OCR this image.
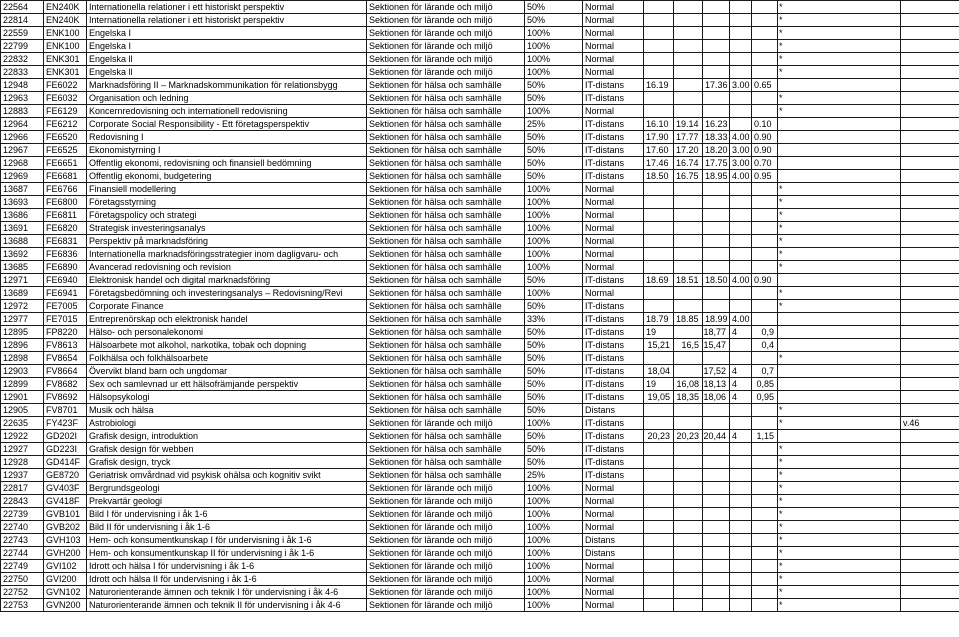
22564	EN240K	Internationella relationer i ett historiskt perspektiv	Sektionen för lärande och miljö	50%	Normal						*	
22814	EN240K	Internationella relationer i ett historiskt perspektiv	Sektionen för lärande och miljö	50%	Normal						*	
22559	ENK100	Engelska I	Sektionen för lärande och miljö	100%	Normal						*	
22799	ENK100	Engelska I	Sektionen för lärande och miljö	100%	Normal						*	
22832	ENK301	Engelska ll	Sektionen för lärande och miljö	100%	Normal						*	
22833	ENK301	Engelska ll	Sektionen för lärande och miljö	100%	Normal						*	
12948	FE6022	Marknadsföring II – Marknadskommunikation för relationsbygg	Sektionen för hälsa och samhälle	50%	IT-distans	16.19		17.36	3.00	0.65		
12963	FE6032	Organisation och ledning	Sektionen för hälsa och samhälle	50%	IT-distans						*	
12883	FE6129	Koncernredovisning och internationell redovisning	Sektionen för hälsa och samhälle	100%	Normal						*	
12964	FE6212	Corporate Social Responsibility - Ett företagsperspektiv	Sektionen för hälsa och samhälle	25%	IT-distans	16.10	19.14	16.23		0.10		
12966	FE6520	Redovisning I	Sektionen för hälsa och samhälle	50%	IT-distans	17.90	17.77	18.33	4.00	0.90		
12967	FE6525	Ekonomistyrning I	Sektionen för hälsa och samhälle	50%	IT-distans	17.60	17.20	18.20	3.00	0.90		
12968	FE6651	Offentlig ekonomi, redovisning och finansiell bedömning	Sektionen för hälsa och samhälle	50%	IT-distans	17.46	16.74	17.75	3.00	0.70		
12969	FE6681	Offentlig ekonomi, budgetering	Sektionen för hälsa och samhälle	50%	IT-distans	18.50	16.75	18.95	4.00	0.95		
13687	FE6766	Finansiell modellering	Sektionen för hälsa och samhälle	100%	Normal						*	
13693	FE6800	Företagsstyrning	Sektionen för hälsa och samhälle	100%	Normal						*	
13686	FE6811	Företagspolicy och strategi	Sektionen för hälsa och samhälle	100%	Normal						*	
13691	FE6820	Strategisk investeringsanalys	Sektionen för hälsa och samhälle	100%	Normal						*	
13688	FE6831	Perspektiv på marknadsföring	Sektionen för hälsa och samhälle	100%	Normal						*	
13692	FE6836	Internationella marknadsföringsstrategier inom dagligvaru- och	Sektionen för hälsa och samhälle	100%	Normal						*	
13685	FE6890	Avancerad redovisning och revision	Sektionen för hälsa och samhälle	100%	Normal						*	
12971	FE6940	Elektronisk handel och digital marknadsföring	Sektionen för hälsa och samhälle	50%	IT-distans	18.69	18.51	18.50	4.00	0.90		
13689	FE6941	Företagsbedömning och investeringsanalys – Redovisning/Revi	Sektionen för hälsa och samhälle	100%	Normal						*	
12972	FE7005	Corporate Finance	Sektionen för hälsa och samhälle	50%	IT-distans						*	
12977	FE7015	Entreprenörskap och elektronisk handel	Sektionen för hälsa och samhälle	33%	IT-distans	18.79	18.85	18.99	4.00			
12895	FP8220	Hälso- och personalekonomi	Sektionen för hälsa och samhälle	50%	IT-distans	19		18,77	4	0,9		
12896	FV8613	Hälsoarbete mot alkohol, narkotika, tobak och dopning	Sektionen för hälsa och samhälle	50%	IT-distans	15,21	16,5	15,47		0,4		
12898	FV8654	Folkhälsa och folkhälsoarbete	Sektionen för hälsa och samhälle	50%	IT-distans						*	
12903	FV8664	Övervikt bland barn och ungdomar	Sektionen för hälsa och samhälle	50%	IT-distans	18,04		17,52	4	0,7		
12899	FV8682	Sex och samlevnad ur ett hälsofrämjande perspektiv	Sektionen för hälsa och samhälle	50%	IT-distans	19	16,08	18,13	4	0,85		
12901	FV8692	Hälsopsykologi	Sektionen för hälsa och samhälle	50%	IT-distans	19,05	18,35	18,06	4	0,95		
12905	FV8701	Musik och hälsa	Sektionen för hälsa och samhälle	50%	Distans						*	
22635	FY423F	Astrobiologi	Sektionen för lärande och miljö	100%	IT-distans						*	v.46
12922	GD202I	Grafisk design, introduktion	Sektionen för hälsa och samhälle	50%	IT-distans	20,23	20,23	20,44	4	1,15		
12927	GD223I	Grafisk design för webben	Sektionen för hälsa och samhälle	50%	IT-distans						*	
12928	GD414F	Grafisk design, tryck	Sektionen för hälsa och samhälle	50%	IT-distans						*	
12937	GE8720	Geriatrisk omvårdnad vid psykisk ohälsa och kognitiv svikt	Sektionen för hälsa och samhälle	25%	IT-distans						*	
22817	GV403F	Bergrundsgeologi	Sektionen för lärande och miljö	100%	Normal						*	
22843	GV418F	Prekvartär geologi	Sektionen för lärande och miljö	100%	Normal						*	
22739	GVB101	Bild I för undervisning i åk 1-6	Sektionen för lärande och miljö	100%	Normal						*	
22740	GVB202	Bild II för undervisning i åk 1-6	Sektionen för lärande och miljö	100%	Normal						*	
22743	GVH103	Hem- och konsumentkunskap I för undervisning i åk 1-6	Sektionen för lärande och miljö	100%	Distans						*	
22744	GVH200	Hem- och konsumentkunskap II för undervisning i åk 1-6	Sektionen för lärande och miljö	100%	Distans						*	
22749	GVI102	Idrott och hälsa I för undervisning i åk 1-6	Sektionen för lärande och miljö	100%	Normal						*	
22750	GVI200	Idrott och hälsa II för undervisning i åk 1-6	Sektionen för lärande och miljö	100%	Normal						*	
22752	GVN102	Naturorienterande ämnen och teknik I för undervisning i åk 4-6	Sektionen för lärande och miljö	100%	Normal						*	
22753	GVN200	Naturorienterande ämnen och teknik II för undervisning i åk 4-6	Sektionen för lärande och miljö	100%	Normal						*	
